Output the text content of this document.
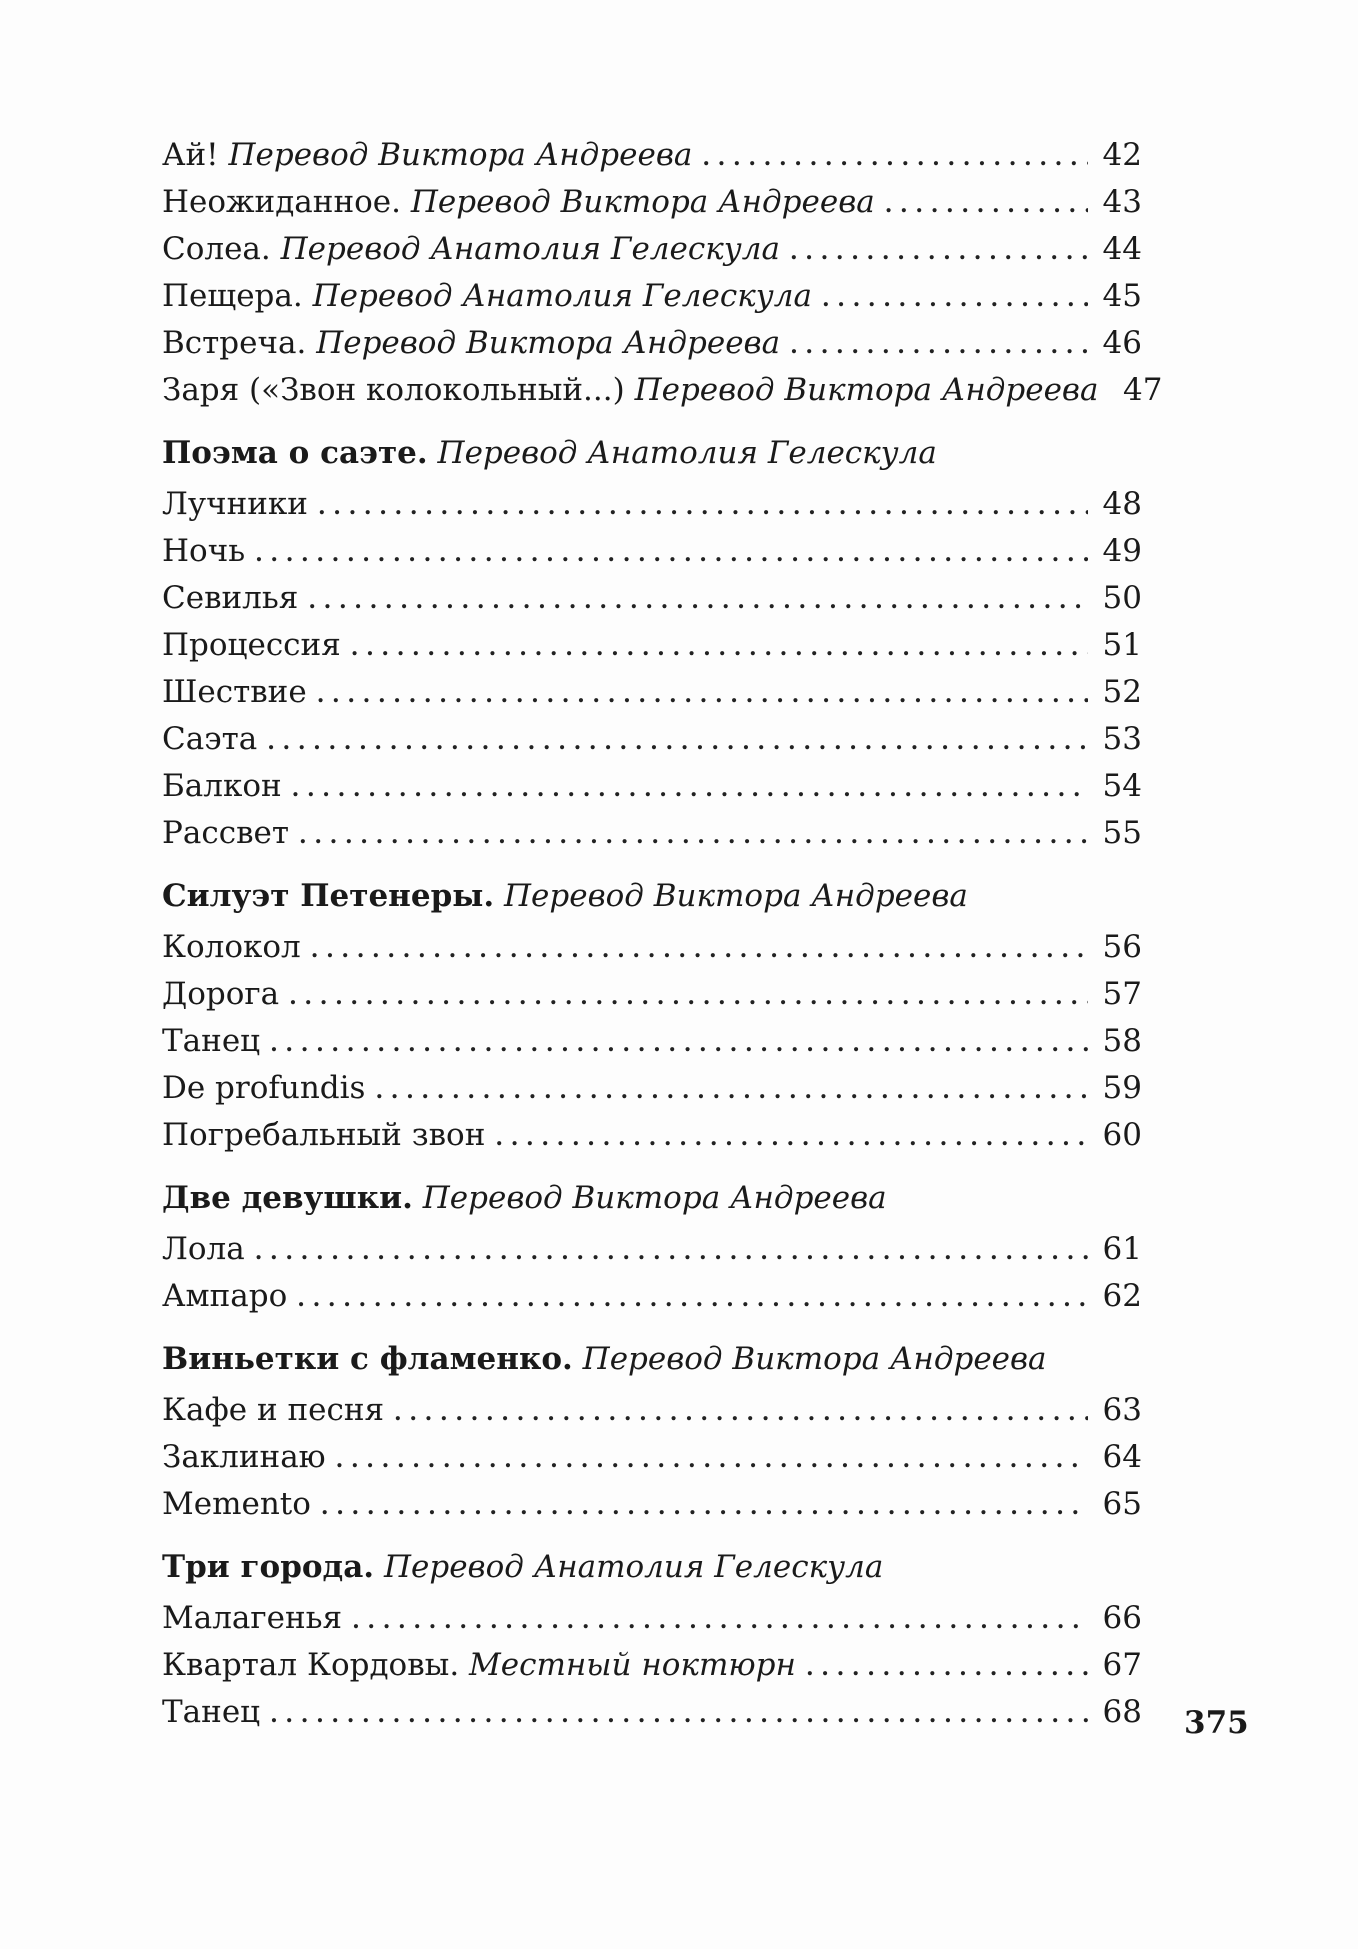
Ай! Перевод Виктора Андреева . . .	42
Неожиданное. Перевод Виктора Андреева . . .	43
Солеа. Перевод Анатолия Гелескула . . .	44
Пещера. Перевод Анатолия Гелескула . . .	45
Встреча. Перевод Виктора Андреева . . .	46
Заря («Звон колокольный...) Перевод Виктора Андреева 47
Поэма о саэте. Перевод Анатолия Гелескула
Лучники . . .	48
Ночь . . .	49
Севилья . . .	50
Процессия . . .	51
Шествие . . .	52
Саэта . . .	53
Балкон . . .	54
Рассвет . . .	55
Силуэт Петенеры. Перевод Виктора Андреева
Колокол . . .	56
Дорога . . .	57
Танец . . .	58
De profundis . . .	59
Погребальный звон . . .	60
Две девушки. Перевод Виктора Андреева
Лола . . .	61
Ампаро . . .	62
Виньетки с фламенко. Перевод Виктора Андреева
Кафе и песня . . .	63
Заклинаю . . .	64
Memento . . .	65
Три города. Перевод Анатолия Гелескула
Малагенья . . .	66
Квартал Кордовы. Местный ноктюрн . . .	67
Танец . . .	68 375
